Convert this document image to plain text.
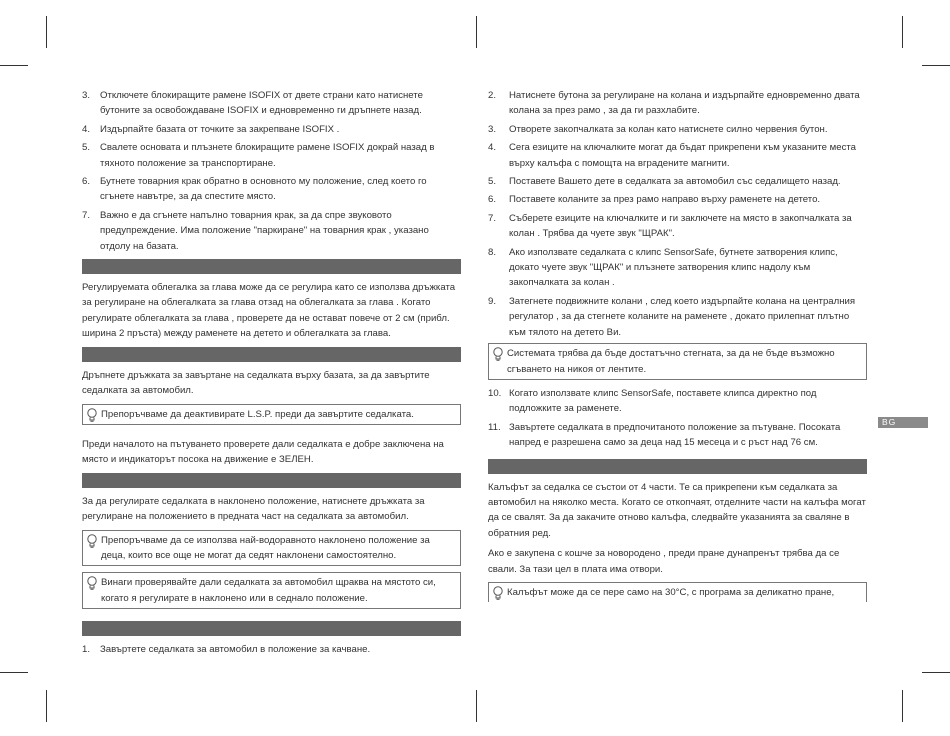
3. Отключете блокиращите рамене ISOFIX от двете страни като натиснете бутоните за освобождаване ISOFIX и едновременно ги дръпнете назад.
4. Издърпайте базата от точките за закрепване ISOFIX .
5. Свалете основата и плъзнете блокиращите рамене ISOFIX докрай назад в тяхното положение за транспортиране.
6. Бутнете товарния крак обратно в основното му положение, след което го сгънете навътре, за да спестите място.
7. Важно е да сгънете напълно товарния крак, за да спре звуковото предупреждение. Има положение "паркиране" на товарния крак , указано отдолу на базата.

Регулируемата облегалка за глава може да се регулира като се използва дръжката за регулиране на облегалката за глава отзад на облегалката за глава . Когато регулирате облегалката за глава , проверете да не остават повече от 2 см (прибл. ширина 2 пръста) между раменете на детето и облегалката за глава.

Дръпнете дръжката за завъртане на седалката върху базата, за да завъртите седалката за автомобил.

Препоръчваме да деактивирате L.S.P. преди да завъртите седалката.

Преди началото на пътуването проверете дали седалката е добре заключена на място и индикаторът посока на движение е ЗЕЛЕН.

За да регулирате седалката в наклонено положение, натиснете дръжката за регулиране на положението в предната част на седалката за автомобил.

Препоръчваме да се използва най-водоравното наклонено положение за деца, които все още не могат да седят наклонени самостоятелно.
Винаги проверявайте дали седалката за автомобил щраква на мястото си, когато я регулирате в наклонено или в седнало положение.
1. Завъртете седалката за автомобил в положение за качване.
2. Натиснете бутона за регулиране на колана и издърпайте едновременно двата колана за през рамо , за да ги разхлабите.
3. Отворете закопчалката за колан като натиснете силно червения бутон.
4. Сега езиците на ключалките могат да бъдат прикрепени към указаните места върху калъфа с помощта на вградените магнити.
5. Поставете Вашето дете в седалката за автомобил със седалището назад.
6. Поставете коланите за през рамо направо върху раменете на детето.
7. Съберете езиците на ключалките и ги заключете на място в закопчалката за колан . Трябва да чуете звук "ЩРАК".
8. Ако използвате седалката с клипс SensorSafe, бутнете затворения клипс, докато чуете звук "ЩРАК" и плъзнете затворения клипс надолу към закопчалката за колан .
9. Затегнете подвижните колани , след което издърпайте колана на централния регулатор , за да стегнете коланите на раменете , докато прилепнат плътно към тялото на детето Ви.
Системата трябва да бъде достатъчно стегната, за да не бъде възможно сгъването на никоя от лентите.
10. Когато използвате клипс SensorSafe, поставете клипса директно под подложките за раменете.
11. Завъртете седалката в предпочитаното положение за пътуване. Посоката напред е разрешена само за деца над 15 месеца и с ръст над 76 см.

Калъфът за седалка се състои от 4 части. Те са прикрепени към седалката за автомобил на няколко места. Когато се откопчаят, отделните части на калъфа могат да се свалят. За да закачите отново калъфа, следвайте указанията за сваляне в обратния ред.

Ако е закупена с кошче за новородено , преди пране дунапренът трябва да се свали. За тази цел в плата има отвори.

Калъфът може да се пере само на 30°C, с програма за деликатно пране,
BG
